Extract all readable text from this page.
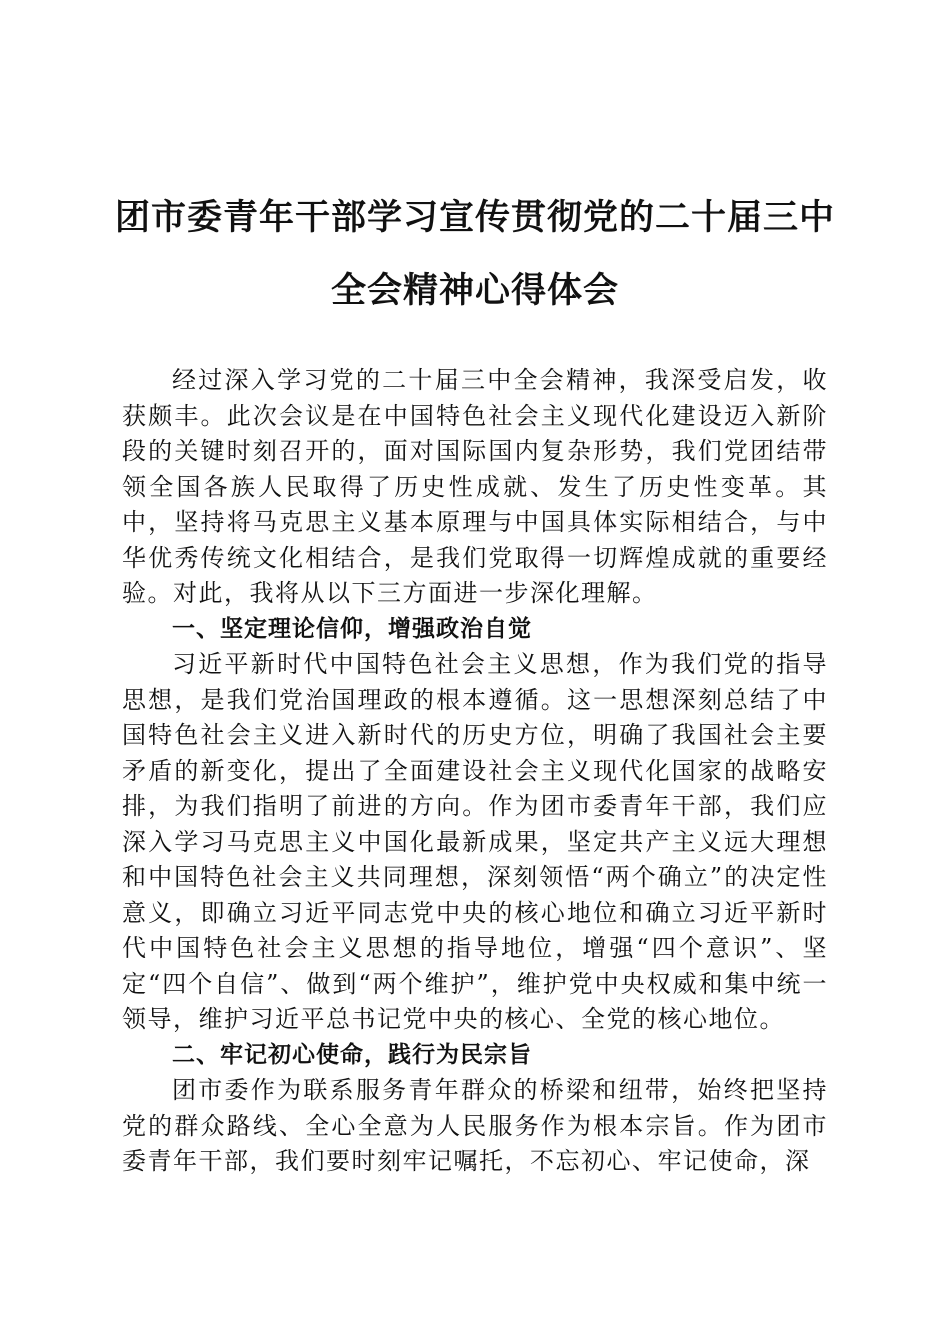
团市委青年干部学习宣传贯彻党的二十届三中
全会精神心得体会

经过深入学习党的二十届三中全会精神，我深受启发，收获颇丰。此次会议是在中国特色社会主义现代化建设迈入新阶段的关键时刻召开的，面对国际国内复杂形势，我们党团结带领全国各族人民取得了历史性成就、发生了历史性变革。其中，坚持将马克思主义基本原理与中国具体实际相结合，与中华优秀传统文化相结合，是我们党取得一切辉煌成就的重要经验。对此，我将从以下三方面进一步深化理解。

一、坚定理论信仰，增强政治自觉

习近平新时代中国特色社会主义思想，作为我们党的指导思想，是我们党治国理政的根本遵循。这一思想深刻总结了中国特色社会主义进入新时代的历史方位，明确了我国社会主要矛盾的新变化，提出了全面建设社会主义现代化国家的战略安排，为我们指明了前进的方向。作为团市委青年干部，我们应深入学习马克思主义中国化最新成果，坚定共产主义远大理想和中国特色社会主义共同理想，深刻领悟“两个确立”的决定性意义，即确立习近平同志党中央的核心地位和确立习近平新时代中国特色社会主义思想的指导地位，增强“四个意识”、坚定“四个自信”、做到“两个维护”，维护党中央权威和集中统一领导，维护习近平总书记党中央的核心、全党的核心地位。

二、牢记初心使命，践行为民宗旨

团市委作为联系服务青年群众的桥梁和纽带，始终把坚持党的群众路线、全心全意为人民服务作为根本宗旨。作为团市委青年干部，我们要时刻牢记嘱托，不忘初心、牢记使命，深
